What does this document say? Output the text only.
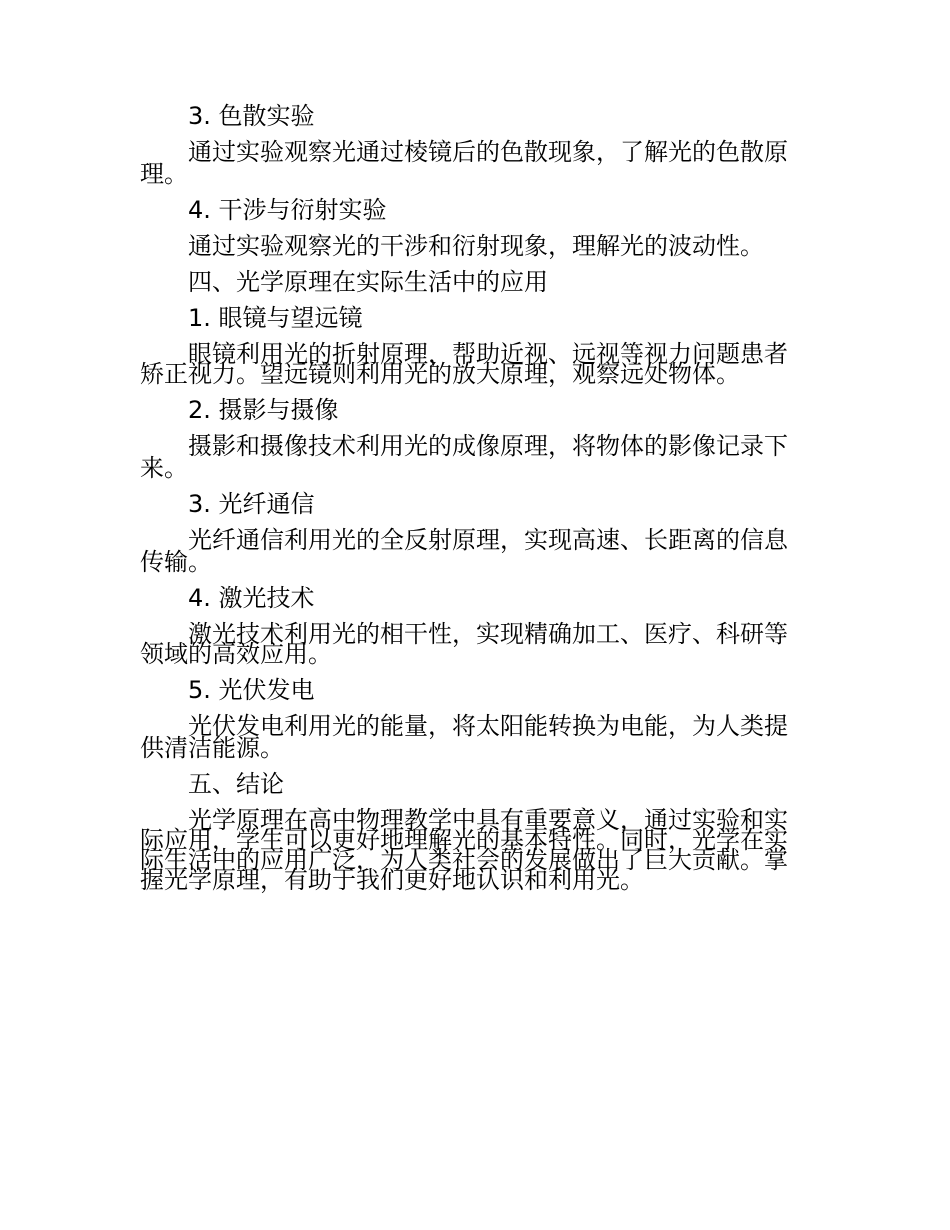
3. 色散实验
通过实验观察光通过棱镜后的色散现象，了解光的色散原
理。
4. 干涉与衍射实验
通过实验观察光的干涉和衍射现象，理解光的波动性。
四、光学原理在实际生活中的应用
1. 眼镜与望远镜
眼镜利用光的折射原理，帮助近视、远视等视力问题患者
矫正视力。望远镜则利用光的放大原理，观察远处物体。
2. 摄影与摄像
摄影和摄像技术利用光的成像原理，将物体的影像记录下
来。
3. 光纤通信
光纤通信利用光的全反射原理，实现高速、长距离的信息
传输。
4. 激光技术
激光技术利用光的相干性，实现精确加工、医疗、科研等
领域的高效应用。
5. 光伏发电
光伏发电利用光的能量，将太阳能转换为电能，为人类提
供清洁能源。
五、结论
光学原理在高中物理教学中具有重要意义，通过实验和实
际应用，学生可以更好地理解光的基本特性。同时，光学在实
际生活中的应用广泛，为人类社会的发展做出了巨大贡献。掌
握光学原理，有助于我们更好地认识和利用光。
